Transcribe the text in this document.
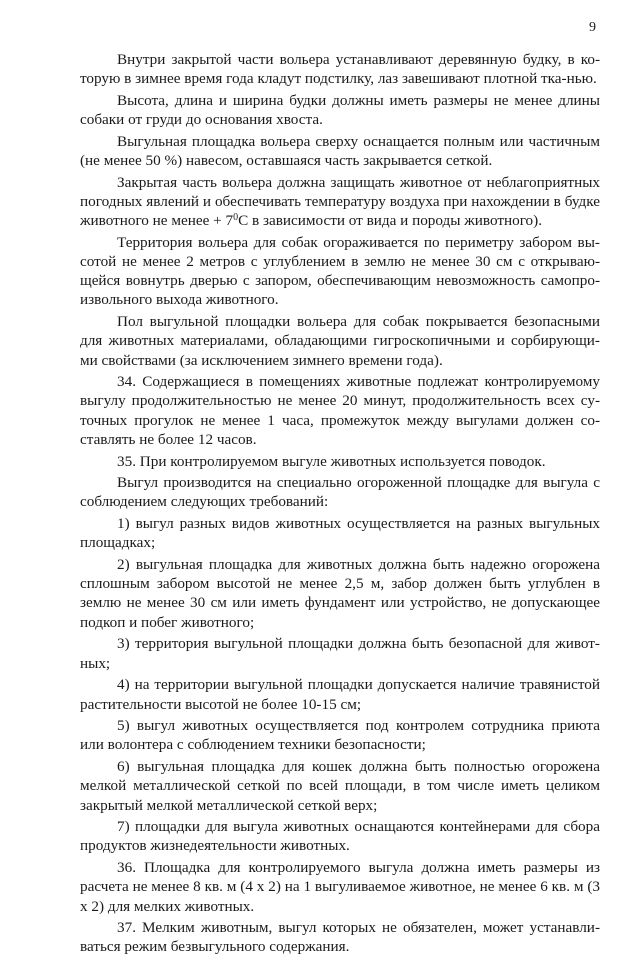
9

Внутри закрытой части вольера устанавливают деревянную будку, в ко-торую в зимнее время года кладут подстилку, лаз завешивают плотной тка-нью.

Высота, длина и ширина будки должны иметь размеры не менее длины собаки от груди до основания хвоста.

Выгульная площадка вольера сверху оснащается полным или частичным (не менее 50 %) навесом, оставшаяся часть закрывается сеткой.

Закрытая часть вольера должна защищать животное от неблагоприятных погодных явлений и обеспечивать температуру воздуха при нахождении в будке животного не менее + $7^0С$ в зависимости от вида и породы животного).

Территория вольера для собак огораживается по периметру забором вы-сотой не менее 2 метров с углублением в землю не менее 30 см с открываю-щейся вовнутрь дверью с запором, обеспечивающим невозможность самопро-извольного выхода животного.

Пол выгульной площадки вольера для собак покрывается безопасными для животных материалами, обладающими гигроскопичными и сорбирующи-ми свойствами (за исключением зимнего времени года).

34. Содержащиеся в помещениях животные подлежат контролируемому выгулу продолжительностью не менее 20 минут, продолжительность всех су-точных прогулок не менее 1 часа, промежуток между выгулами должен со-ставлять не более 12 часов.

35. При контролируемом выгуле животных используется поводок.

Выгул производится на специально огороженной площадке для выгула с соблюдением следующих требований:

1) выгул разных видов животных осуществляется на разных выгульных площадках;

2) выгульная площадка для животных должна быть надежно огорожена сплошным забором высотой не менее 2,5 м, забор должен быть углублен в землю не менее 30 см или иметь фундамент или устройство, не допускающее подкоп и побег животного;

3) территория выгульной площадки должна быть безопасной для живот-ных;

4) на территории выгульной площадки допускается наличие травянистой растительности высотой не более 10-15 см;

5) выгул животных осуществляется под контролем сотрудника приюта или волонтера с соблюдением техники безопасности;

6) выгульная площадка для кошек должна быть полностью огорожена мелкой металлической сеткой по всей площади, в том числе иметь целиком закрытый мелкой металлической сеткой верх;

7) площадки для выгула животных оснащаются контейнерами для сбора продуктов жизнедеятельности животных.

36. Площадка для контролируемого выгула должна иметь размеры из расчета не менее 8 кв. м (4 х 2) на 1 выгуливаемое животное, не менее 6 кв. м (3 х 2) для мелких животных.

37. Мелким животным, выгул которых не обязателен, может устанавли-ваться режим безвыгульного содержания.
